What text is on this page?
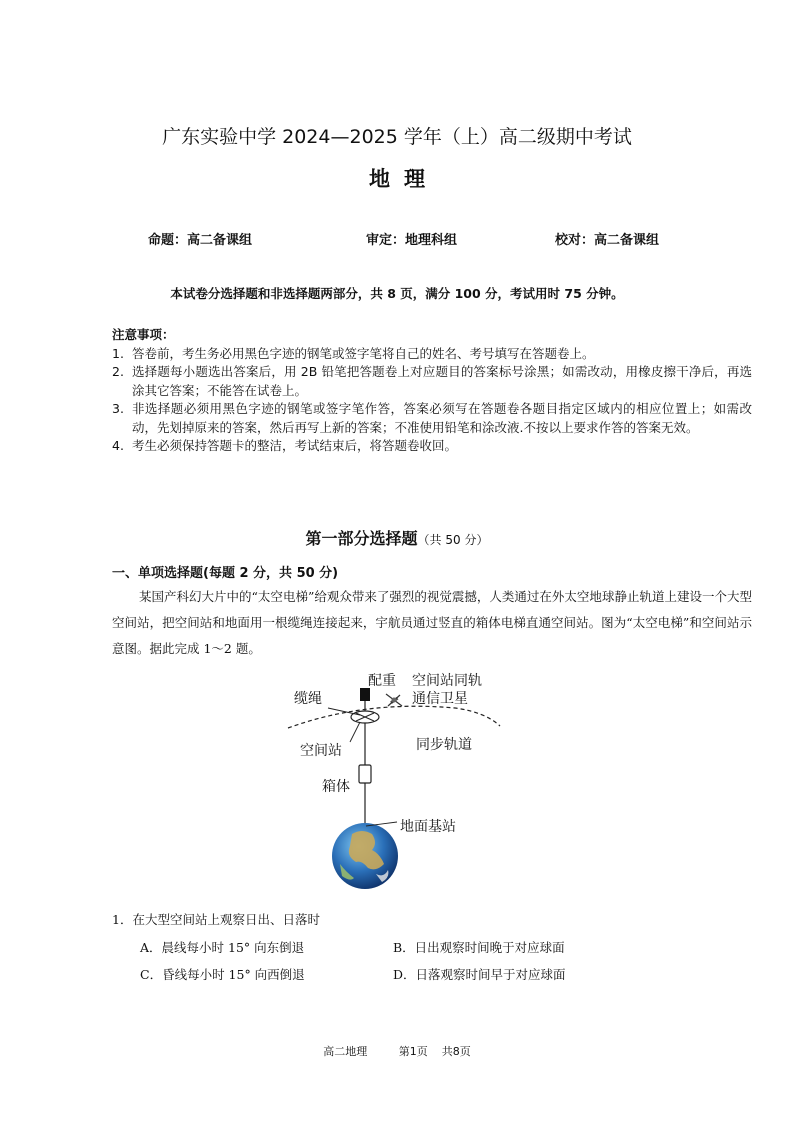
广东实验中学 2024—2025 学年（上）高二级期中考试
地理
命题：高二备课组	审定：地理科组	校对：高二备课组
本试卷分选择题和非选择题两部分，共 8 页，满分 100 分，考试用时 75 分钟。
注意事项：
1. 答卷前，考生务必用黑色字迹的钢笔或签字笔将自己的姓名、考号填写在答题卷上。
2. 选择题每小题选出答案后，用 2B 铅笔把答题卷上对应题目的答案标号涂黑；如需改动，用橡皮擦干净后，再选涂其它答案；不能答在试卷上。
3. 非选择题必须用黑色字迹的钢笔或签字笔作答，答案必须写在答题卷各题目指定区域内的相应位置上；如需改动，先划掉原来的答案，然后再写上新的答案；不准使用铅笔和涂改液.不按以上要求作答的答案无效。
4. 考生必须保持答题卡的整洁，考试结束后，将答题卷收回。
第一部分选择题（共 50 分）
一、单项选择题(每题 2 分，共 50 分)
某国产科幻大片中的“太空电梯”给观众带来了强烈的视觉震撼，人类通过在外太空地球静止轨道上建设一个大型空间站，把空间站和地面用一根缆绳连接起来，宇航员通过竖直的箱体电梯直通空间站。图为“太空电梯”和空间站示意图。据此完成 1～2 题。
配重 空间站同轨
缆绳	通信卫星
空间站	同步轨道
箱体
地面基站
1．在大型空间站上观察日出、日落时
A．晨线每小时 15° 向东倒退	B．日出观察时间晚于对应球面
C．昏线每小时 15° 向西倒退	D．日落观察时间早于对应球面
高二地理	第1页 共8页
